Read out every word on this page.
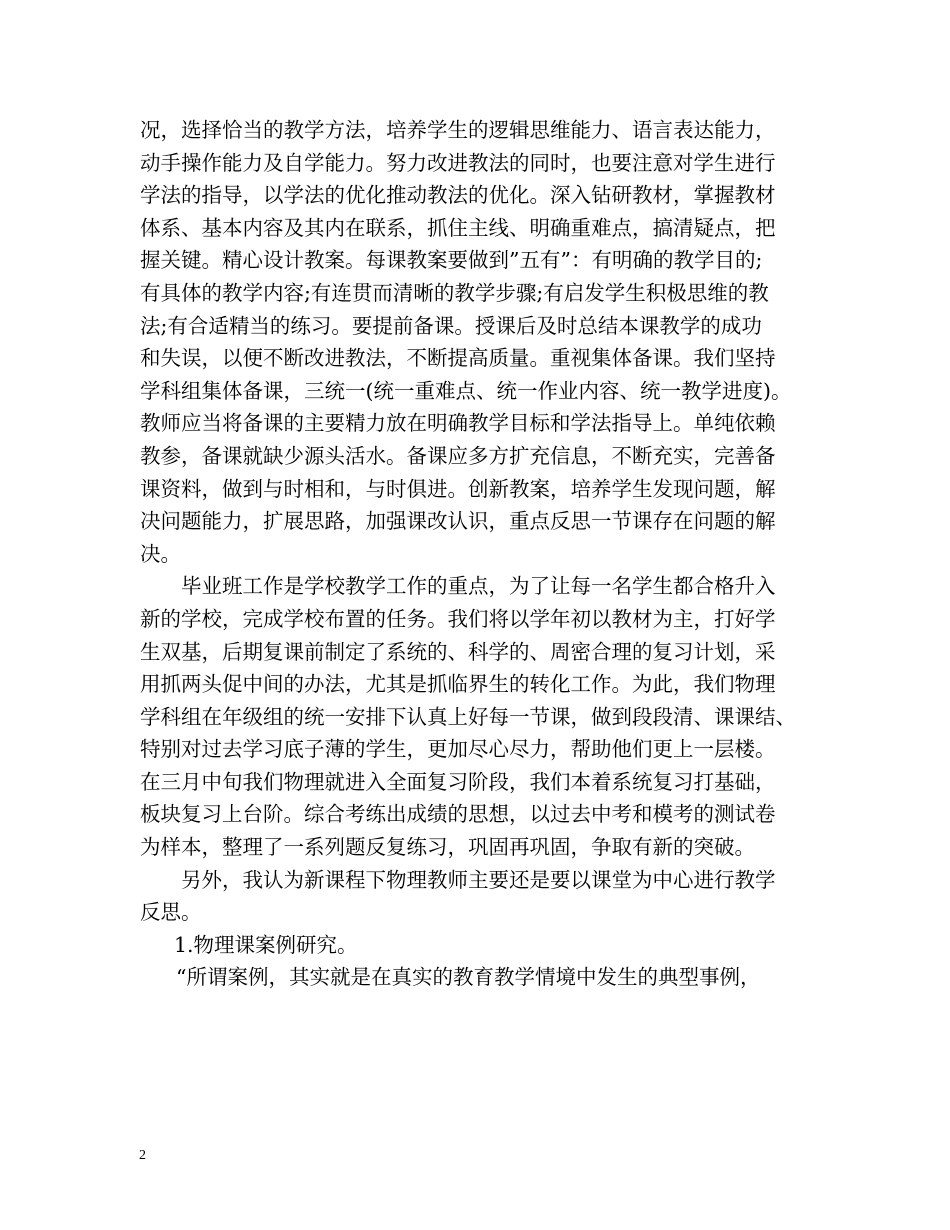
况，选择恰当的教学方法，培养学生的逻辑思维能力、语言表达能力，
动手操作能力及自学能力。努力改进教法的同时，也要注意对学生进行
学法的指导，以学法的优化推动教法的优化。深入钻研教材，掌握教材
体系、基本内容及其内在联系，抓住主线、明确重难点，搞清疑点，把
握关键。精心设计教案。每课教案要做到”五有”：有明确的教学目的;
有具体的教学内容;有连贯而清晰的教学步骤;有启发学生积极思维的教
法;有合适精当的练习。要提前备课。授课后及时总结本课教学的成功
和失误，以便不断改进教法，不断提高质量。重视集体备课。我们坚持
学科组集体备课，三统一(统一重难点、统一作业内容、统一教学进度)。
教师应当将备课的主要精力放在明确教学目标和学法指导上。单纯依赖
教参，备课就缺少源头活水。备课应多方扩充信息，不断充实，完善备
课资料，做到与时相和，与时俱进。创新教案，培养学生发现问题，解
决问题能力，扩展思路，加强课改认识，重点反思一节课存在问题的解
决。

毕业班工作是学校教学工作的重点，为了让每一名学生都合格升入
新的学校，完成学校布置的任务。我们将以学年初以教材为主，打好学
生双基，后期复课前制定了系统的、科学的、周密合理的复习计划，采
用抓两头促中间的办法，尤其是抓临界生的转化工作。为此，我们物理
学科组在年级组的统一安排下认真上好每一节课，做到段段清、课课结、
特别对过去学习底子薄的学生，更加尽心尽力，帮助他们更上一层楼。
在三月中旬我们物理就进入全面复习阶段，我们本着系统复习打基础，
板块复习上台阶。综合考练出成绩的思想，以过去中考和模考的测试卷
为样本，整理了一系列题反复练习，巩固再巩固，争取有新的突破。

另外，我认为新课程下物理教师主要还是要以课堂为中心进行教学
反思。

1.物理课案例研究。

“所谓案例，其实就是在真实的教育教学情境中发生的典型事例，

2
